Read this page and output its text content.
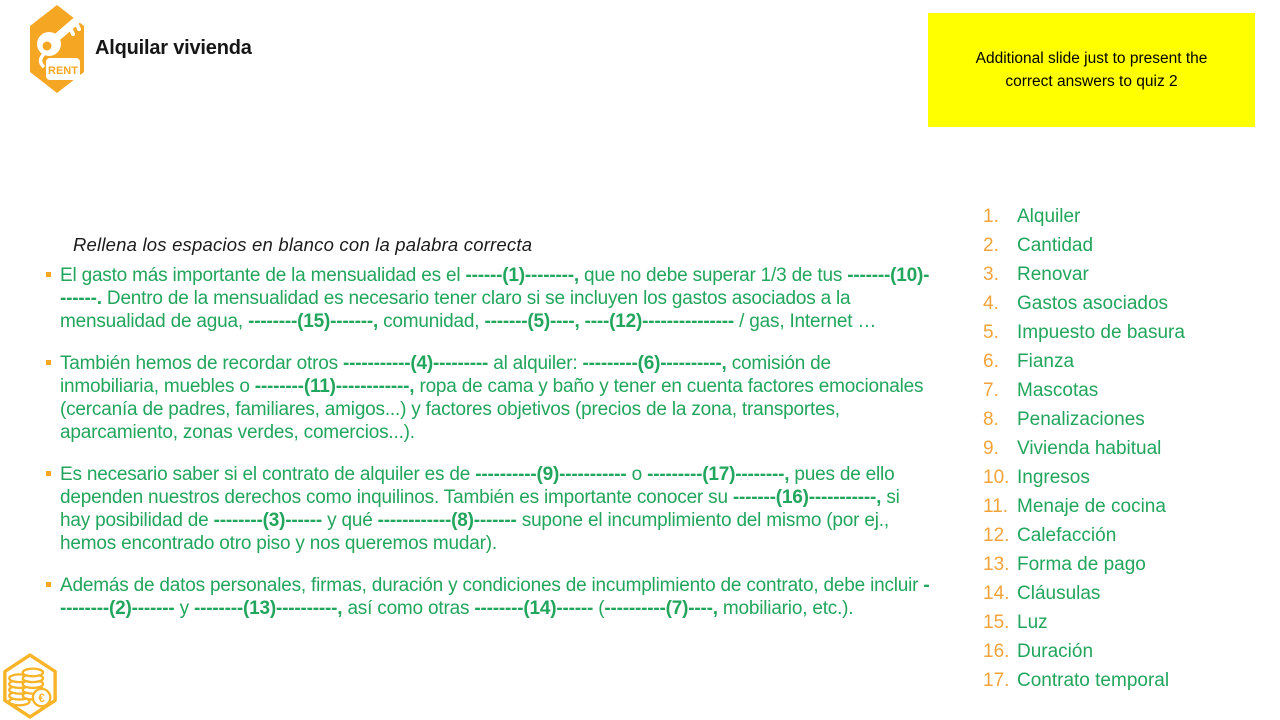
RENT
Alquilar vivienda	Additional slide just to present the correct answers to quiz 2

Rellena los espacios en blanco con la palabra correcta

El gasto más importante de la mensualidad es el ------(1)--------, que no debe superar 1/3 de tus -------(10)-------. Dentro de la mensualidad es necesario tener claro si se incluyen los gastos asociados a la mensualidad de agua, --------(15)-------, comunidad, -------(5)----, ----(12)--------------- / gas, Internet …
También hemos de recordar otros -----------(4)--------- al alquiler: ---------(6)----------, comisión de inmobiliaria, muebles o --------(11)------------, ropa de cama y baño y tener en cuenta factores emocionales (cercanía de padres, familiares, amigos...) y factores objetivos (precios de la zona, transportes, aparcamiento, zonas verdes, comercios...).
Es necesario saber si el contrato de alquiler es de ----------(9)----------- o ---------(17)--------, pues de ello dependen nuestros derechos como inquilinos. También es importante conocer su -------(16)-----------, si hay posibilidad de --------(3)------ y qué ------------(8)------- supone el incumplimiento del mismo (por ej., hemos encontrado otro piso y nos queremos mudar).
Además de datos personales, firmas, duración y condiciones de incumplimiento de contrato, debe incluir ---------(2)------- y --------(13)----------, así como otras --------(14)------ (----------(7)----, mobiliario, etc.).
1. Alquiler
2. Cantidad
3. Renovar
4. Gastos asociados
5. Impuesto de basura
6. Fianza
7. Mascotas
8. Penalizaciones
9. Vivienda habitual
10. Ingresos
11. Menaje de cocina
12. Calefacción
13. Forma de pago
14. Cláusulas
15. Luz
16. Duración
17. Contrato temporal
€
